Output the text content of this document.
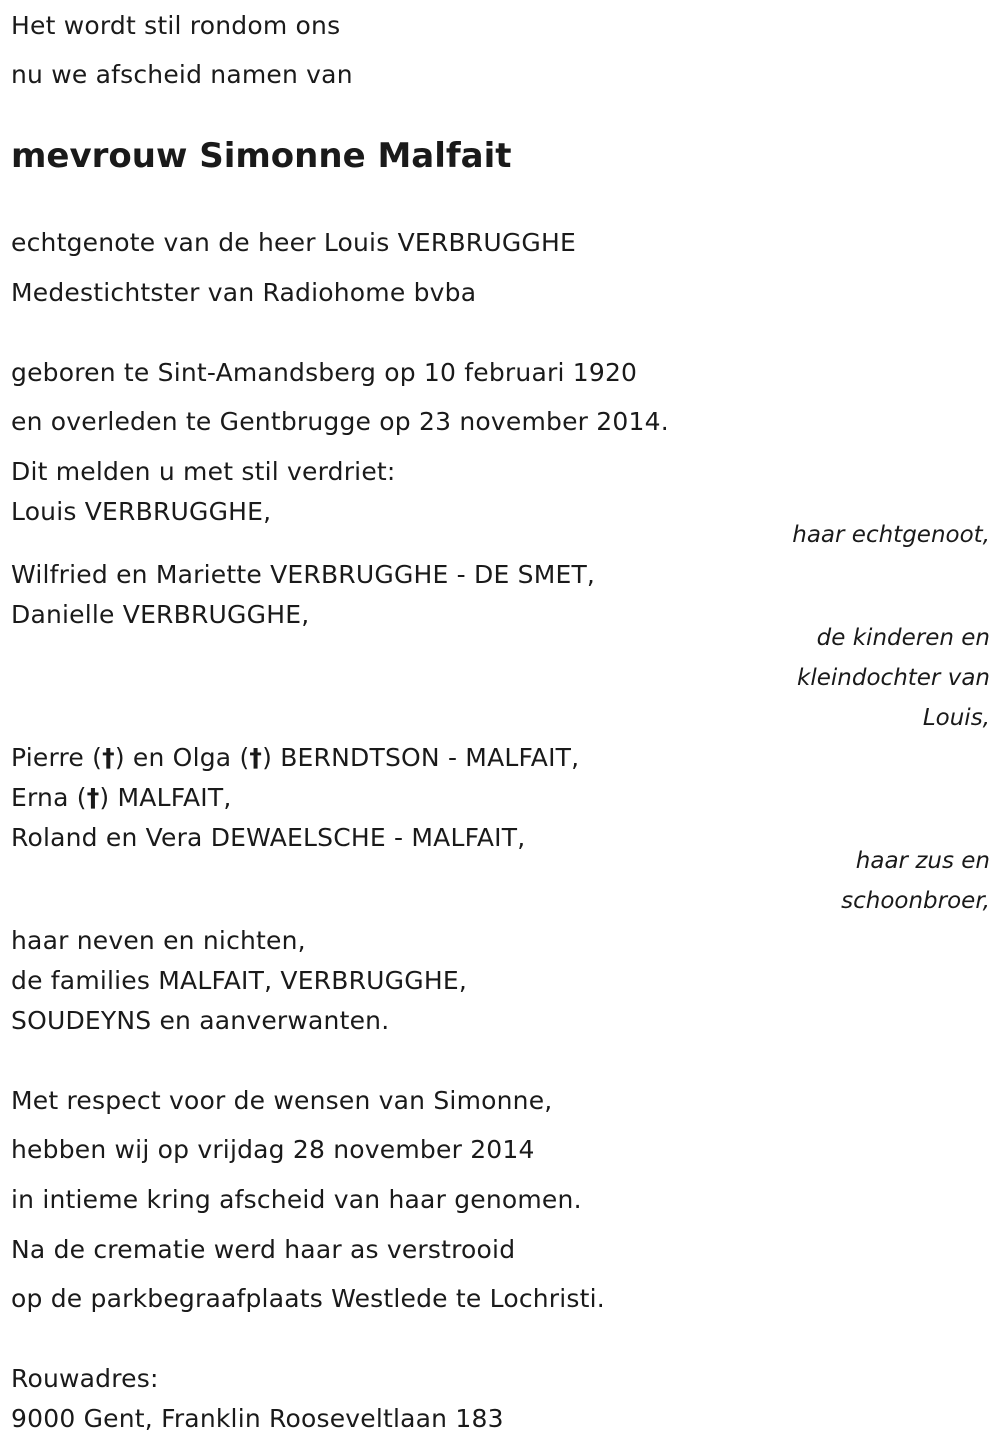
Het wordt stil rondom ons
nu we afscheid namen van
mevrouw Simonne Malfait
echtgenote van de heer Louis VERBRUGGHE
Medestichtster van Radiohome bvba
geboren te Sint-Amandsberg op 10 februari 1920
en overleden te Gentbrugge op 23 november 2014.
Dit melden u met stil verdriet:
Louis VERBRUGGHE,
haar echtgenoot,
Wilfried en Mariette VERBRUGGHE - DE SMET,
Danielle VERBRUGGHE,
de kinderen en
kleindochter van
Louis,
Pierre (†) en Olga (†) BERNDTSON - MALFAIT,
Erna (†) MALFAIT,
Roland en Vera DEWAELSCHE - MALFAIT,
haar zus en
schoonbroer,
haar neven en nichten,
de families MALFAIT, VERBRUGGHE,
SOUDEYNS en aanverwanten.
Met respect voor de wensen van Simonne,
hebben wij op vrijdag 28 november 2014
in intieme kring afscheid van haar genomen.
Na de crematie werd haar as verstrooid
op de parkbegraafplaats Westlede te Lochristi.
Rouwadres:
9000 Gent, Franklin Rooseveltlaan 183
